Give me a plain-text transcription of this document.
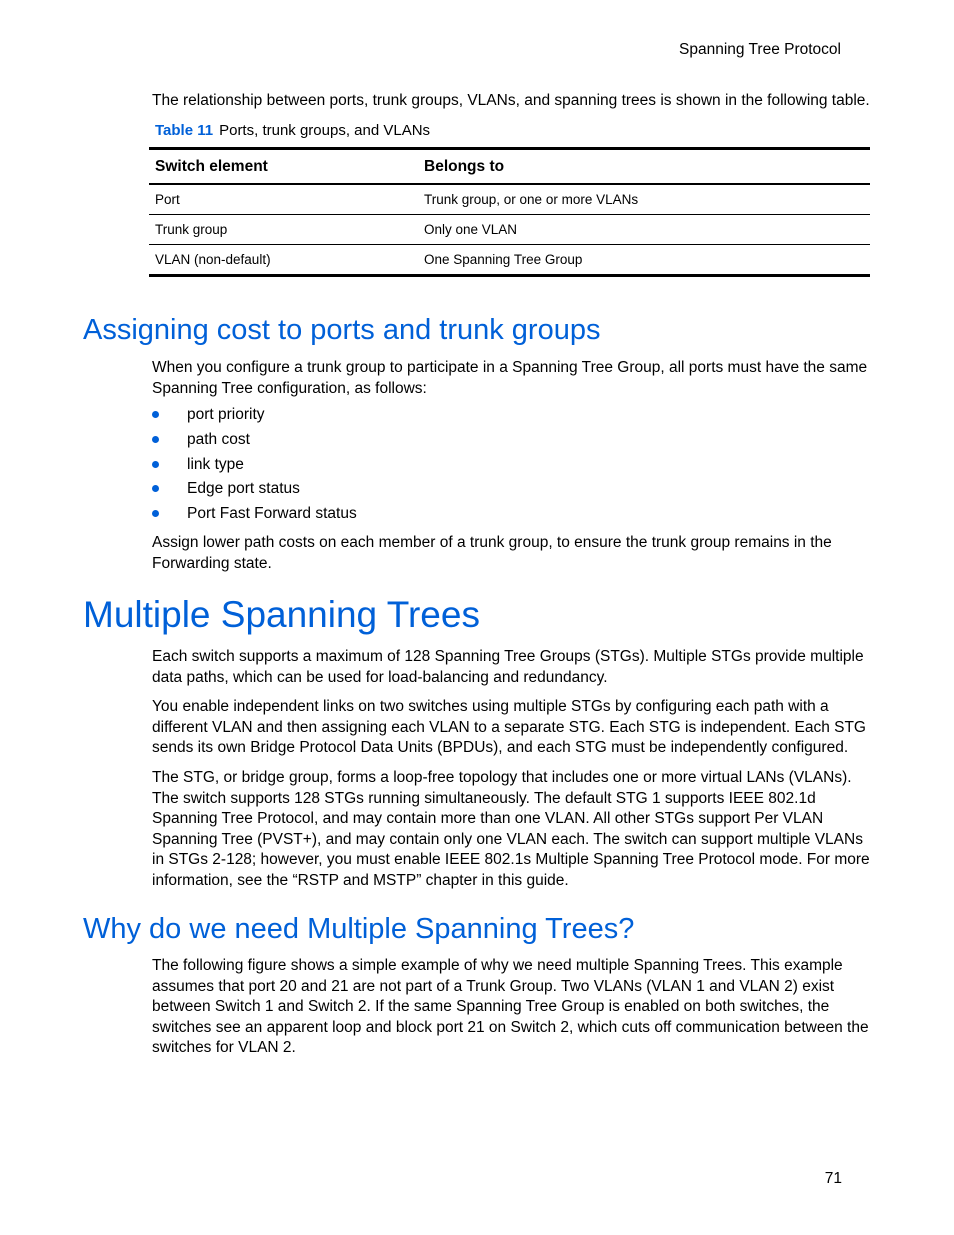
Spanning Tree Protocol

The relationship between ports, trunk groups, VLANs, and spanning trees is shown in the following table.

Table 11 Ports, trunk groups, and VLANs
Switch element	Belongs to
Port	Trunk group, or one or more VLANs
Trunk group	Only one VLAN
VLAN (non-default)	One Spanning Tree Group
Assigning cost to ports and trunk groups

When you configure a trunk group to participate in a Spanning Tree Group, all ports must have the same Spanning Tree configuration, as follows:

port priority
path cost
link type
Edge port status
Port Fast Forward status

Assign lower path costs on each member of a trunk group, to ensure the trunk group remains in the Forwarding state.

Multiple Spanning Trees

Each switch supports a maximum of 128 Spanning Tree Groups (STGs). Multiple STGs provide multiple data paths, which can be used for load-balancing and redundancy.

You enable independent links on two switches using multiple STGs by configuring each path with a different VLAN and then assigning each VLAN to a separate STG. Each STG is independent. Each STG sends its own Bridge Protocol Data Units (BPDUs), and each STG must be independently configured.

The STG, or bridge group, forms a loop-free topology that includes one or more virtual LANs (VLANs). The switch supports 128 STGs running simultaneously. The default STG 1 supports IEEE 802.1d Spanning Tree Protocol, and may contain more than one VLAN. All other STGs support Per VLAN Spanning Tree (PVST+), and may contain only one VLAN each. The switch can support multiple VLANs in STGs 2-128; however, you must enable IEEE 802.1s Multiple Spanning Tree Protocol mode. For more information, see the “RSTP and MSTP” chapter in this guide.

Why do we need Multiple Spanning Trees?

The following figure shows a simple example of why we need multiple Spanning Trees. This example assumes that port 20 and 21 are not part of a Trunk Group. Two VLANs (VLAN 1 and VLAN 2) exist between Switch 1 and Switch 2. If the same Spanning Tree Group is enabled on both switches, the switches see an apparent loop and block port 21 on Switch 2, which cuts off communication between the switches for VLAN 2.

71
